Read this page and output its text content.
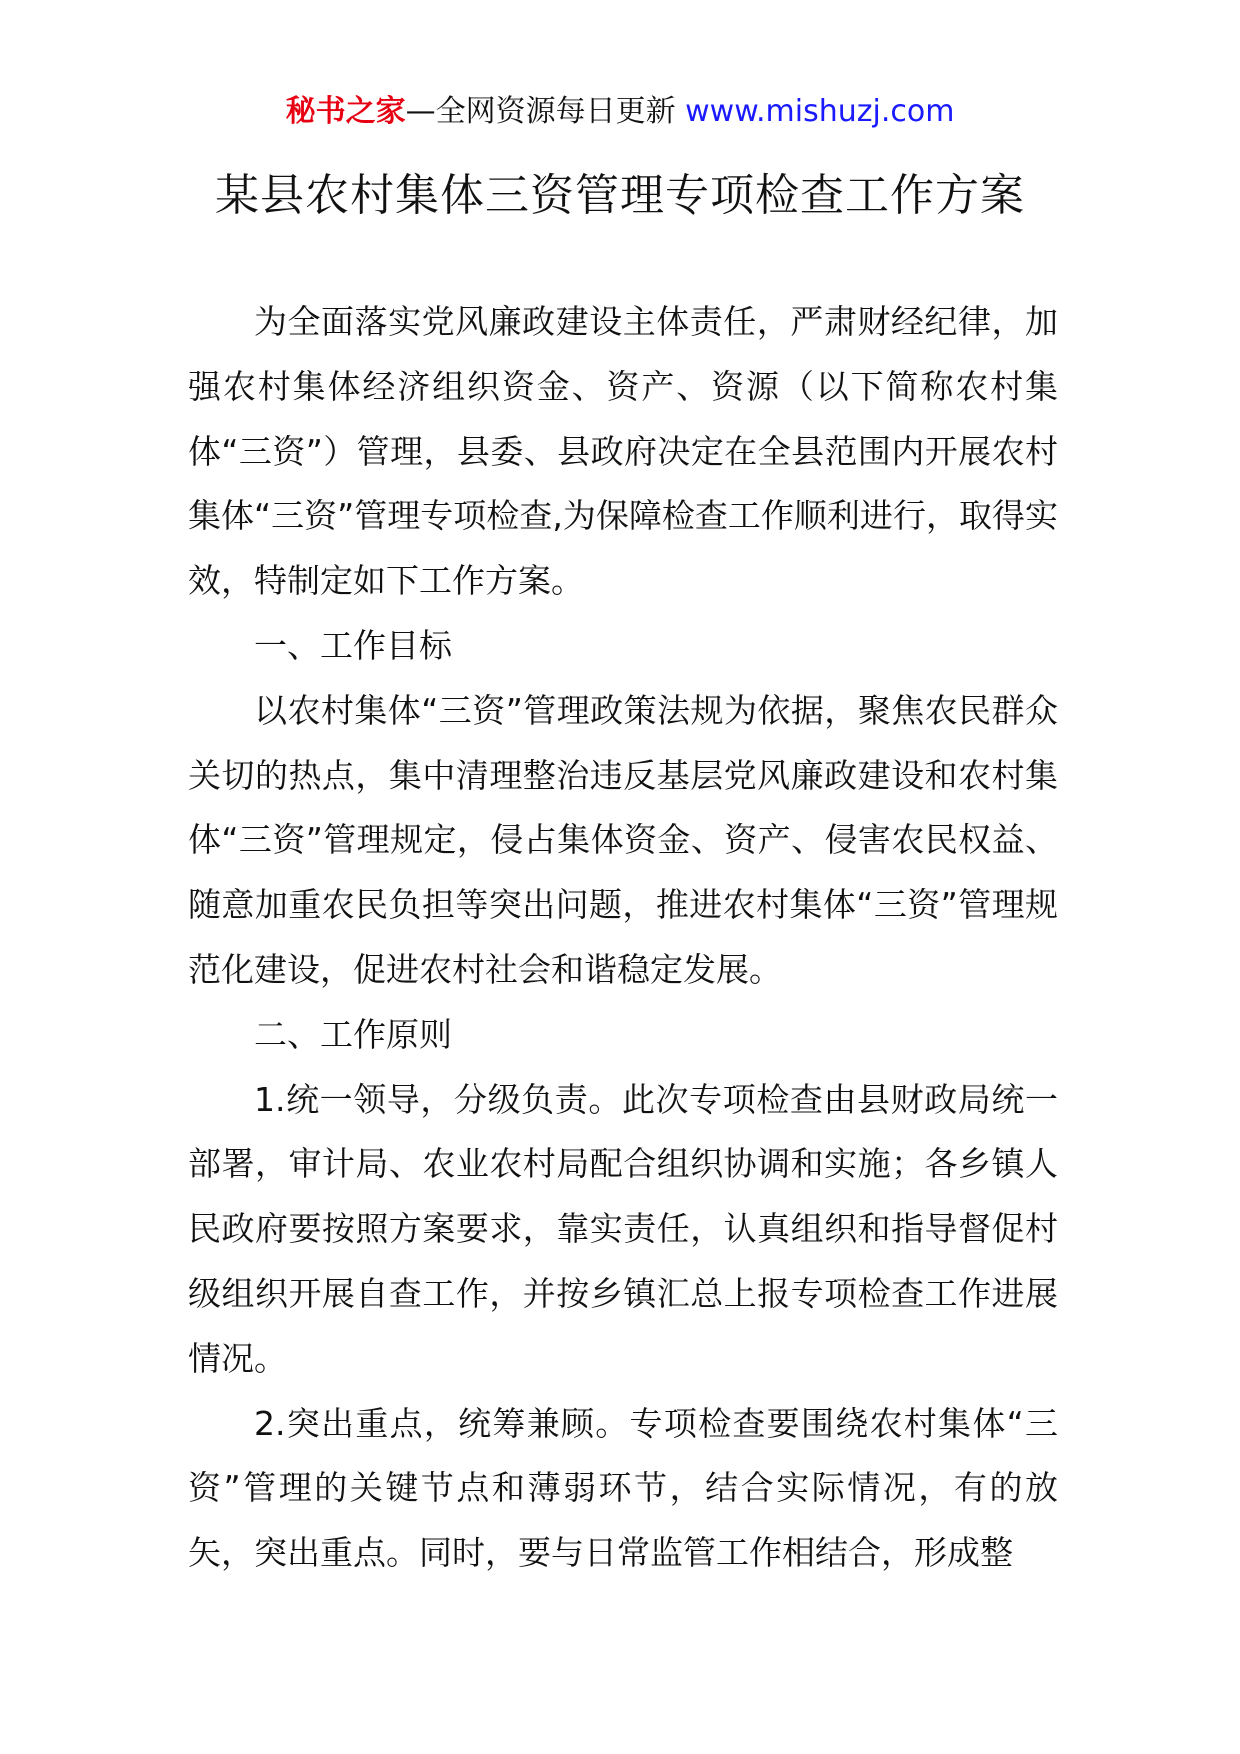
秘书之家—全网资源每日更新 www.mishuzj.com
某县农村集体三资管理专项检查工作方案

为全面落实党风廉政建设主体责任，严肃财经纪律，加强农村集体经济组织资金、资产、资源（以下简称农村集体“三资”）管理，县委、县政府决定在全县范围内开展农村集体“三资”管理专项检查,为保障检查工作顺利进行，取得实效，特制定如下工作方案。

一、工作目标

以农村集体“三资”管理政策法规为依据，聚焦农民群众关切的热点，集中清理整治违反基层党风廉政建设和农村集体“三资”管理规定，侵占集体资金、资产、侵害农民权益、随意加重农民负担等突出问题，推进农村集体“三资”管理规范化建设，促进农村社会和谐稳定发展。

二、工作原则

1.统一领导，分级负责。此次专项检查由县财政局统一部署，审计局、农业农村局配合组织协调和实施；各乡镇人民政府要按照方案要求，靠实责任，认真组织和指导督促村级组织开展自查工作，并按乡镇汇总上报专项检查工作进展情况。

2.突出重点，统筹兼顾。专项检查要围绕农村集体“三资”管理的关键节点和薄弱环节，结合实际情况，有的放矢，突出重点。同时，要与日常监管工作相结合，形成整
